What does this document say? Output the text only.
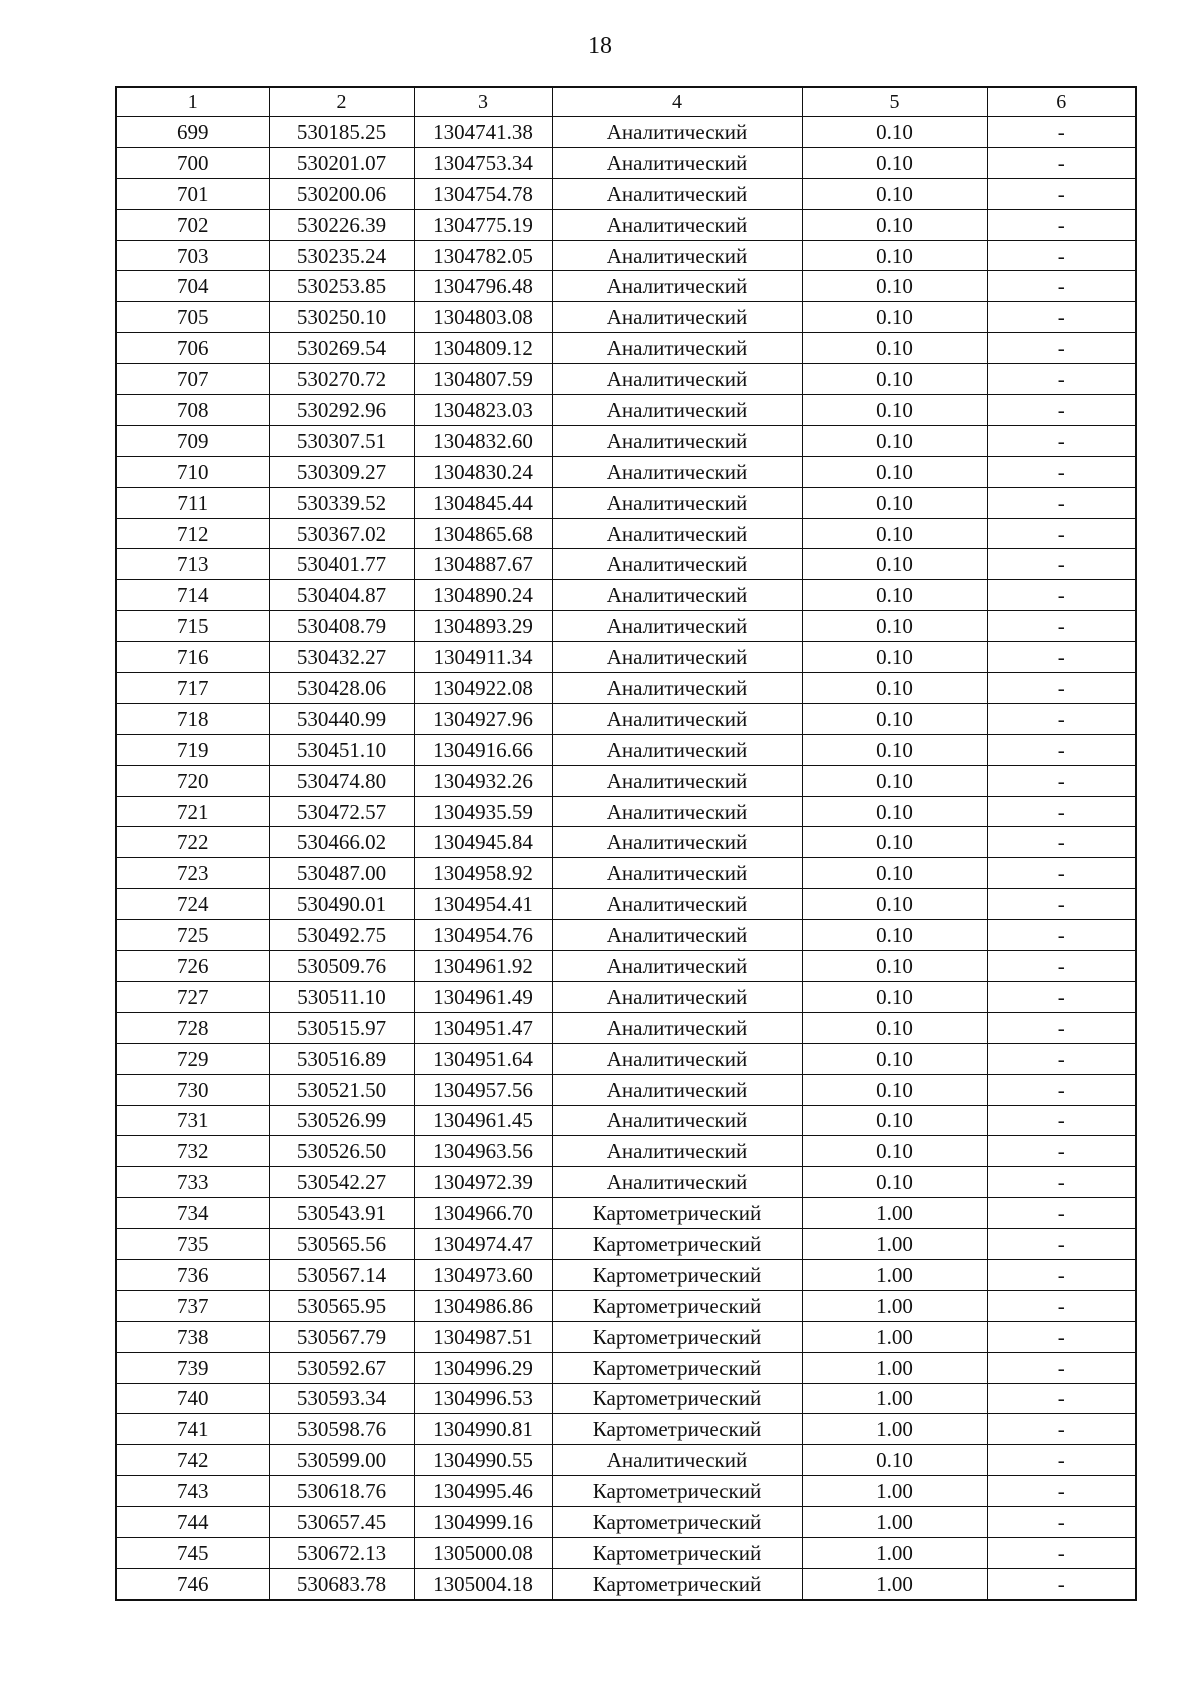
18
1	2	3	4	5	6
699	530185.25	1304741.38	Аналитический	0.10	-
700	530201.07	1304753.34	Аналитический	0.10	-
701	530200.06	1304754.78	Аналитический	0.10	-
702	530226.39	1304775.19	Аналитический	0.10	-
703	530235.24	1304782.05	Аналитический	0.10	-
704	530253.85	1304796.48	Аналитический	0.10	-
705	530250.10	1304803.08	Аналитический	0.10	-
706	530269.54	1304809.12	Аналитический	0.10	-
707	530270.72	1304807.59	Аналитический	0.10	-
708	530292.96	1304823.03	Аналитический	0.10	-
709	530307.51	1304832.60	Аналитический	0.10	-
710	530309.27	1304830.24	Аналитический	0.10	-
711	530339.52	1304845.44	Аналитический	0.10	-
712	530367.02	1304865.68	Аналитический	0.10	-
713	530401.77	1304887.67	Аналитический	0.10	-
714	530404.87	1304890.24	Аналитический	0.10	-
715	530408.79	1304893.29	Аналитический	0.10	-
716	530432.27	1304911.34	Аналитический	0.10	-
717	530428.06	1304922.08	Аналитический	0.10	-
718	530440.99	1304927.96	Аналитический	0.10	-
719	530451.10	1304916.66	Аналитический	0.10	-
720	530474.80	1304932.26	Аналитический	0.10	-
721	530472.57	1304935.59	Аналитический	0.10	-
722	530466.02	1304945.84	Аналитический	0.10	-
723	530487.00	1304958.92	Аналитический	0.10	-
724	530490.01	1304954.41	Аналитический	0.10	-
725	530492.75	1304954.76	Аналитический	0.10	-
726	530509.76	1304961.92	Аналитический	0.10	-
727	530511.10	1304961.49	Аналитический	0.10	-
728	530515.97	1304951.47	Аналитический	0.10	-
729	530516.89	1304951.64	Аналитический	0.10	-
730	530521.50	1304957.56	Аналитический	0.10	-
731	530526.99	1304961.45	Аналитический	0.10	-
732	530526.50	1304963.56	Аналитический	0.10	-
733	530542.27	1304972.39	Аналитический	0.10	-
734	530543.91	1304966.70	Картометрический	1.00	-
735	530565.56	1304974.47	Картометрический	1.00	-
736	530567.14	1304973.60	Картометрический	1.00	-
737	530565.95	1304986.86	Картометрический	1.00	-
738	530567.79	1304987.51	Картометрический	1.00	-
739	530592.67	1304996.29	Картометрический	1.00	-
740	530593.34	1304996.53	Картометрический	1.00	-
741	530598.76	1304990.81	Картометрический	1.00	-
742	530599.00	1304990.55	Аналитический	0.10	-
743	530618.76	1304995.46	Картометрический	1.00	-
744	530657.45	1304999.16	Картометрический	1.00	-
745	530672.13	1305000.08	Картометрический	1.00	-
746	530683.78	1305004.18	Картометрический	1.00	-
